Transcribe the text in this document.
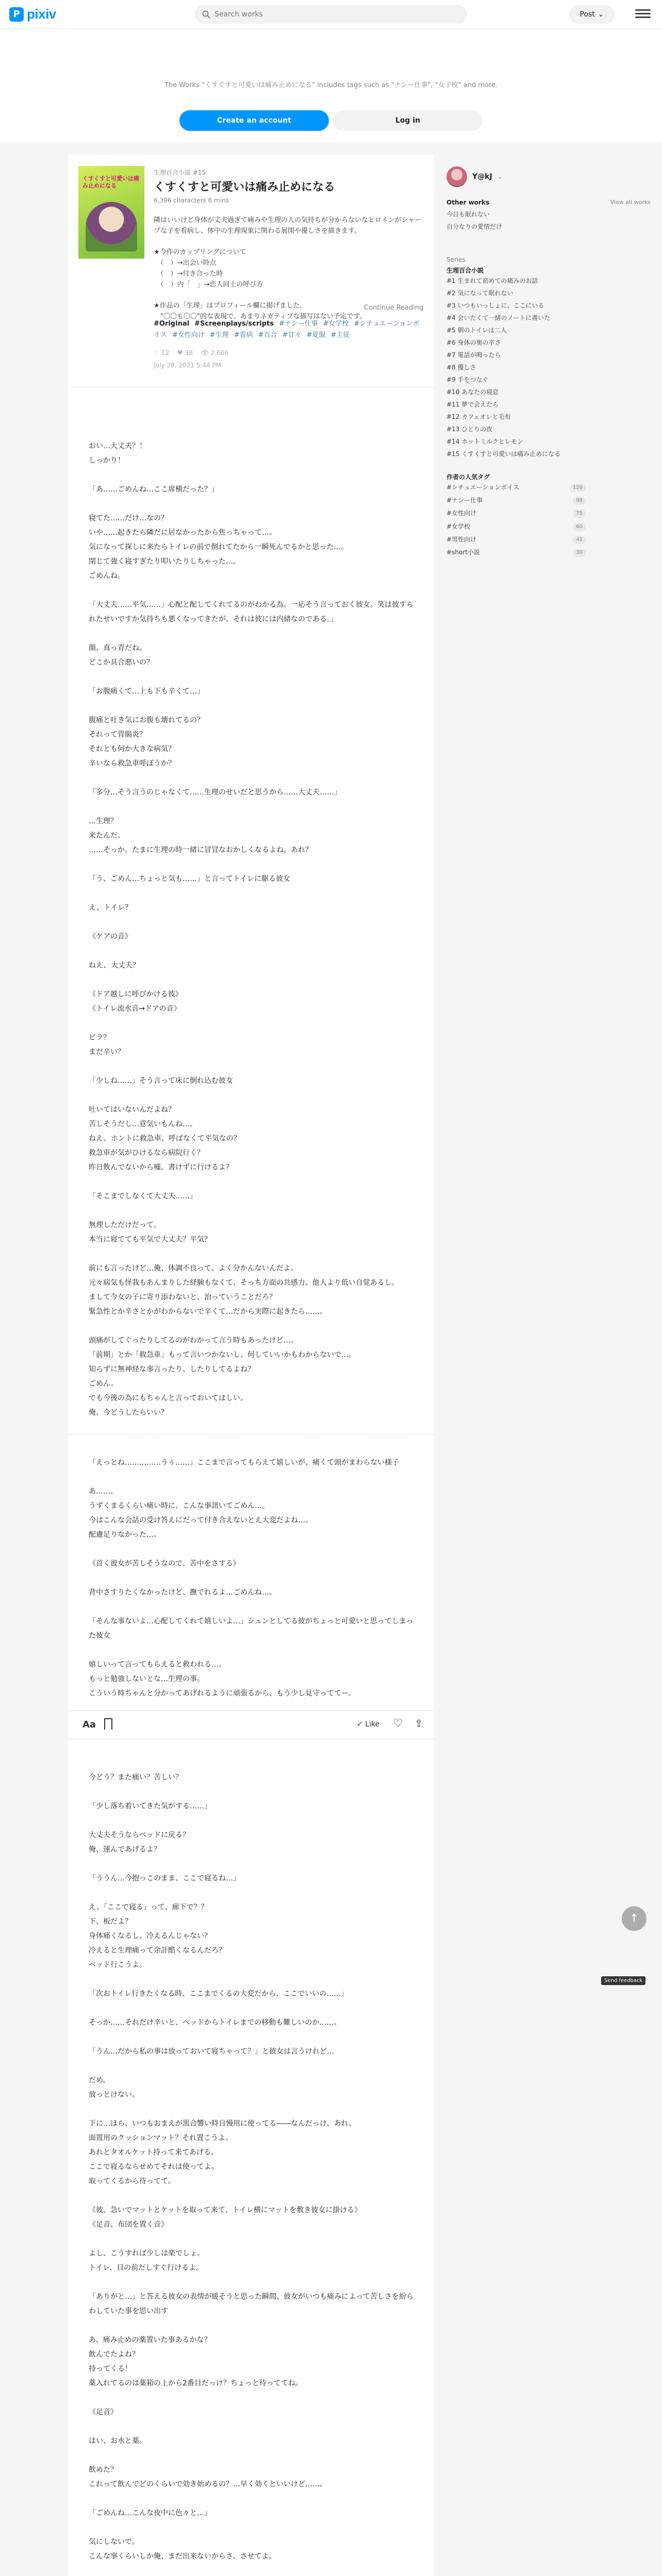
P pixiv
Search works	Post ⌄
The Works "くすぐすと可愛いは痛み止めになる" includes tags such as "ナシー仕事", "女子校" and more.
Create an account	Log in
くすくすと可愛いは痛み止めになる
生理百合小説 #15
くすくすと可愛いは痛み止めになる
6,396 characters 6 mins
隣はいいけど身体が丈夫過ぎて痛みや生理の人の気持ちが分からないなヒロインがシャープな子を看病し、体中の生理現象に関わる展開や優しさを描きます。

★今作のカップリングについて
　（　）→出会い時点
　（　）→付き合った時
　（　）内「　」→恋人同士の呼び方

★作品の「生理」はプロフィール欄に掲げました。
　"〇〇も〇〇"的な表現で、あまりネガティブな描写はない予定です。
Continue Reading
#Original #Screenplays/scripts #ナシー仕事 #女学校 #シチュエーションボイス #女性向け #生理 #看病 #百合 #甘々 #夏服 #主従
♡ 12 ♥ 38 👁 2,606
July 28, 2021 5:44 PM

おい…大丈夫？！
しっかり！

「あ……ごめんね…ここ席横だった？」

寝てた……だけ…なの？
いや……起きたら隣だに居なかったから焦っちゃって…。
気になって探しに来たらトイレの前で倒れてたから一瞬死んでるかと思った…。
閉じて強く寝すぎたり叩いたりしちゃった…。
ごめんね。

「大丈夫……平気……」心配と配してくれてるのがわかる為。一応そう言っておく彼女。笑は彼すられたせいですか気持ちも悪くなってきたが、それは彼には内緒なのである。」

顔、真っ青だね。
どこか具合悪いの？

「お腹痛くて…上も下も辛くて…」

腹痛と吐き気にお腹も壊れてるの？
それって胃腸炎？
それとも何か大きな病気？
辛いなら救急車呼ぼうか？

「多分…そう言うのじゃなくて……生理のせいだと思うから……大丈夫……」

…生理？
来たんだ。
……そっか。たまに生理の時一緒に冒冒なおかしくなるよね。あれ？

「う、ごめん…ちょっと気も……」と言ってトイレに駆る彼女

え、トイレ？

《ケアの音》

ねえ、大丈夫？

《ドア越しに呼びかける彼》
《トイレ流水音→ドアの音》

ビラ？
まだ辛い？

「少しね……」そう言って床に倒れ込む彼女

吐いてはいないんだよね？
苦しそうだし…意気いもんね…。
ねえ、ホントに救急車、呼ばなくて平気なの？
救急車が気がひけるなら病院行く？
昨日飲んでないから嘘。書けずに行けるよ？

「そこまでしなくて大丈夫……」

無理しただけだって。
本当に寝てても平気で大丈夫？平気？

前にも言ったけど…俺、体調不良って、よく分かんないんだよ。
元々病気も怪我もあんまりした経験もなくて、そっち方面の共感力。他人より低い自覚あるし。
まして今女の子に寄り添わないと、治っていうことだろ？
緊急性とか辛さとかがわからないで辛くて…だから実際に起きたら……。

頭痛がしてぐったりしてるのがわかって言う時もあったけど…。
「前期」とか「救急車」もって言いつかないし、何していいかもわからないで…。
知らずに無神経な事言ったり、したりしてるよね？
ごめん。
でも今後の為にもちゃんと言っておいてほしい。
俺、今どうしたらいい？

「えっとね……………うぅ……」ここまで言ってもらえて嬉しいが、痛くて頭がまわらない様子

あ……。
うずくまるくらい痛い時に、こんな事訊いてごめん…。
今はこんな会話の受け答えにだって付き合えないとえ大変だよね…。
配慮足りなかった…。

《首く彼女が苦しそうなので、苦中をさする》

背中さすりたくなかったけど、撫でれるよ…ごめんね…。

「そんな事ないよ…心配してくれて嬉しいよ…」シュンとしてる彼がちょっと可愛いと思ってしまった彼女

嬉しいって言ってもらえると救われる…。
もっと勉強しないとな…生理の事。
こういう時ちゃんと分かってあげれるように頑張るから、もう少し見守っててー。

Aa	✓ Like ♡ ⇪

今どう？また痛い？苦しい？

「少し落ち着いてきた気がする……」

大丈夫そうならベッドに戻る？
俺、運んであげるよ？

「ううん…今抱っこのまま、ここで寝るね…」

え、「ここで寝る」って、廊下で？？
下、板だよ？
身体痛くなるし、冷えるんじゃない？
冷えると生理痛って余計酷くなるんだろ？
ベッド行こうよ。

「次おトイレ行きたくなる時、ここまでくるの大変だから、ここでいいの……」

そっか……それだけ辛いと、ベッドからトイレまでの移動も難しいのか……。

「うん…だから私の事は放っておいて寝ちゃって？」と彼女は言うけれど…

だめ。
放っとけない。

下に…ほら、いつもおまえが黒合響い時自慢用に使ってる――なんだっけ、あれ。
面置用のクッションマット？それ置こうよ。
あれとタオルケット持って来てあげる。
ここで寝るならせめてそれは使ってよ。
取ってくるから待ってて。

《彼、急いでマットとケットを取って来て、トイレ横にマットを敷き彼女に掛ける》
《足音、布団を置く音》

よし、こうすれば少しは楽でしょ。
トイレ、目の前だしすぐ行けるよ。

「ありがと…」と答える彼女の表情が緩そうと思った瞬間、彼女がいつも痛みによって苦しさを紛らわしていた事を思い出す

あ、痛み止めの薬置いた事あるかな？
飲んでたよね？
持ってくる！
薬入れてるのは薬箱の上から2番目だっけ？ちょっと待っててね。

《足音》

ほい、お水と薬。

飲めた？
これって飲んでどのくらいで効き始めるの？…早く効くといいけど……。

「ごめんね…こんな夜中に色々と…」

気にしないで。
こんな事くらいしか俺、まだ出来ないからさ、させてよ。

Y@kJ ⌄
Other works	View all works
今日も眠れない
自分なりの愛情だけ
Series
生理百合小説
#1 生まれて初めての痛みのお話
#2 気になって眠れない
#3 いつもいっしょに、ここにいる
#4 会いたくて一緒のノートに書いた
#5 朝のトイレは二人
#6 身体の奥の辛さ
#7 電話が鳴ったら
#8 優しさ
#9 手をつなぐ
#10 あなたの寝息
#11 夢で会えたら
#12 カフェオレと毛布
#13 ひとりの夜
#14 ホットミルクとレモン
#15 くすくすと可愛いは痛み止めになる
作者の人気タグ
#シチュエーションボイス	120
#ナシー仕事	98
#女性向け	75
#女学校	60
#男性向け	41
#short小説	30
↑
Send feedback
